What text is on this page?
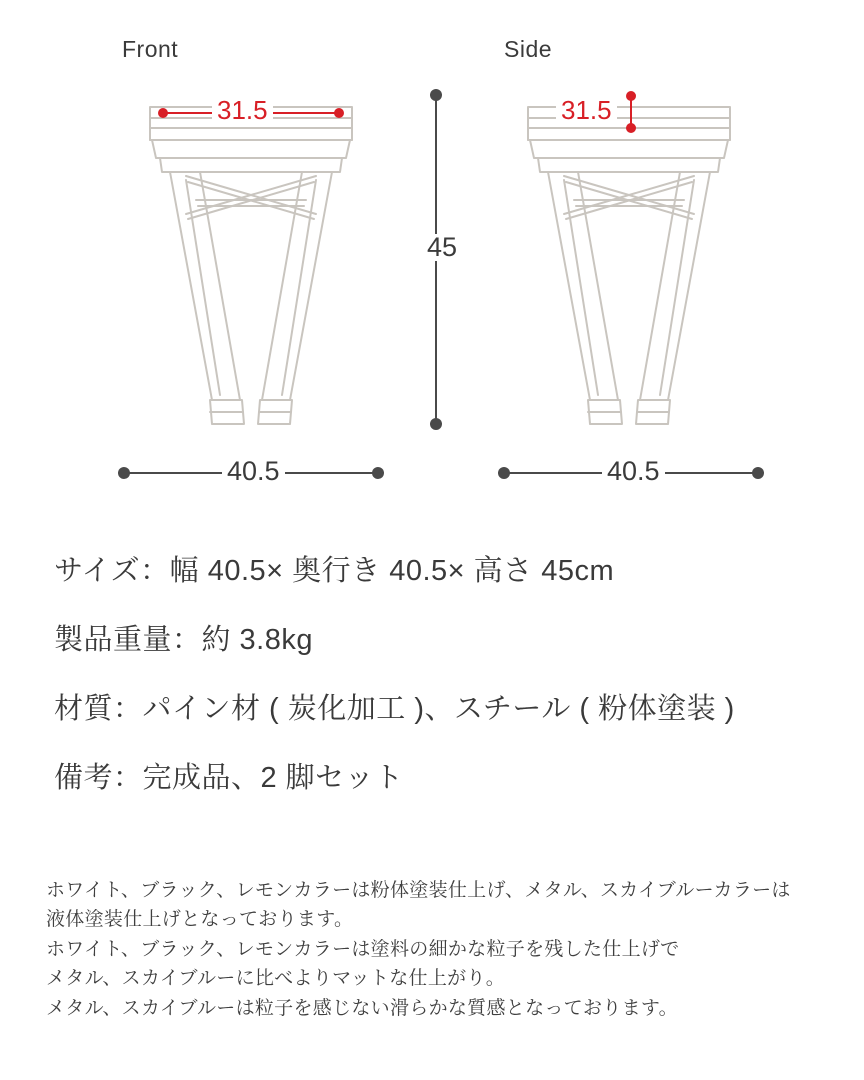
Front	Side
31.5	31.5
45
40.5	40.5
サイズ：幅 40.5× 奥行き 40.5× 高さ 45cm
製品重量：約 3.8kg
材質：パイン材 ( 炭化加工 )、スチール ( 粉体塗装 )
備考：完成品、2 脚セット
ホワイト、ブラック、レモンカラーは粉体塗装仕上げ、メタル、スカイブルーカラーは
液体塗装仕上げとなっております。
ホワイト、ブラック、レモンカラーは塗料の細かな粒子を残した仕上げで
メタル、スカイブルーに比べよりマットな仕上がり。
メタル、スカイブルーは粒子を感じない滑らかな質感となっております。
